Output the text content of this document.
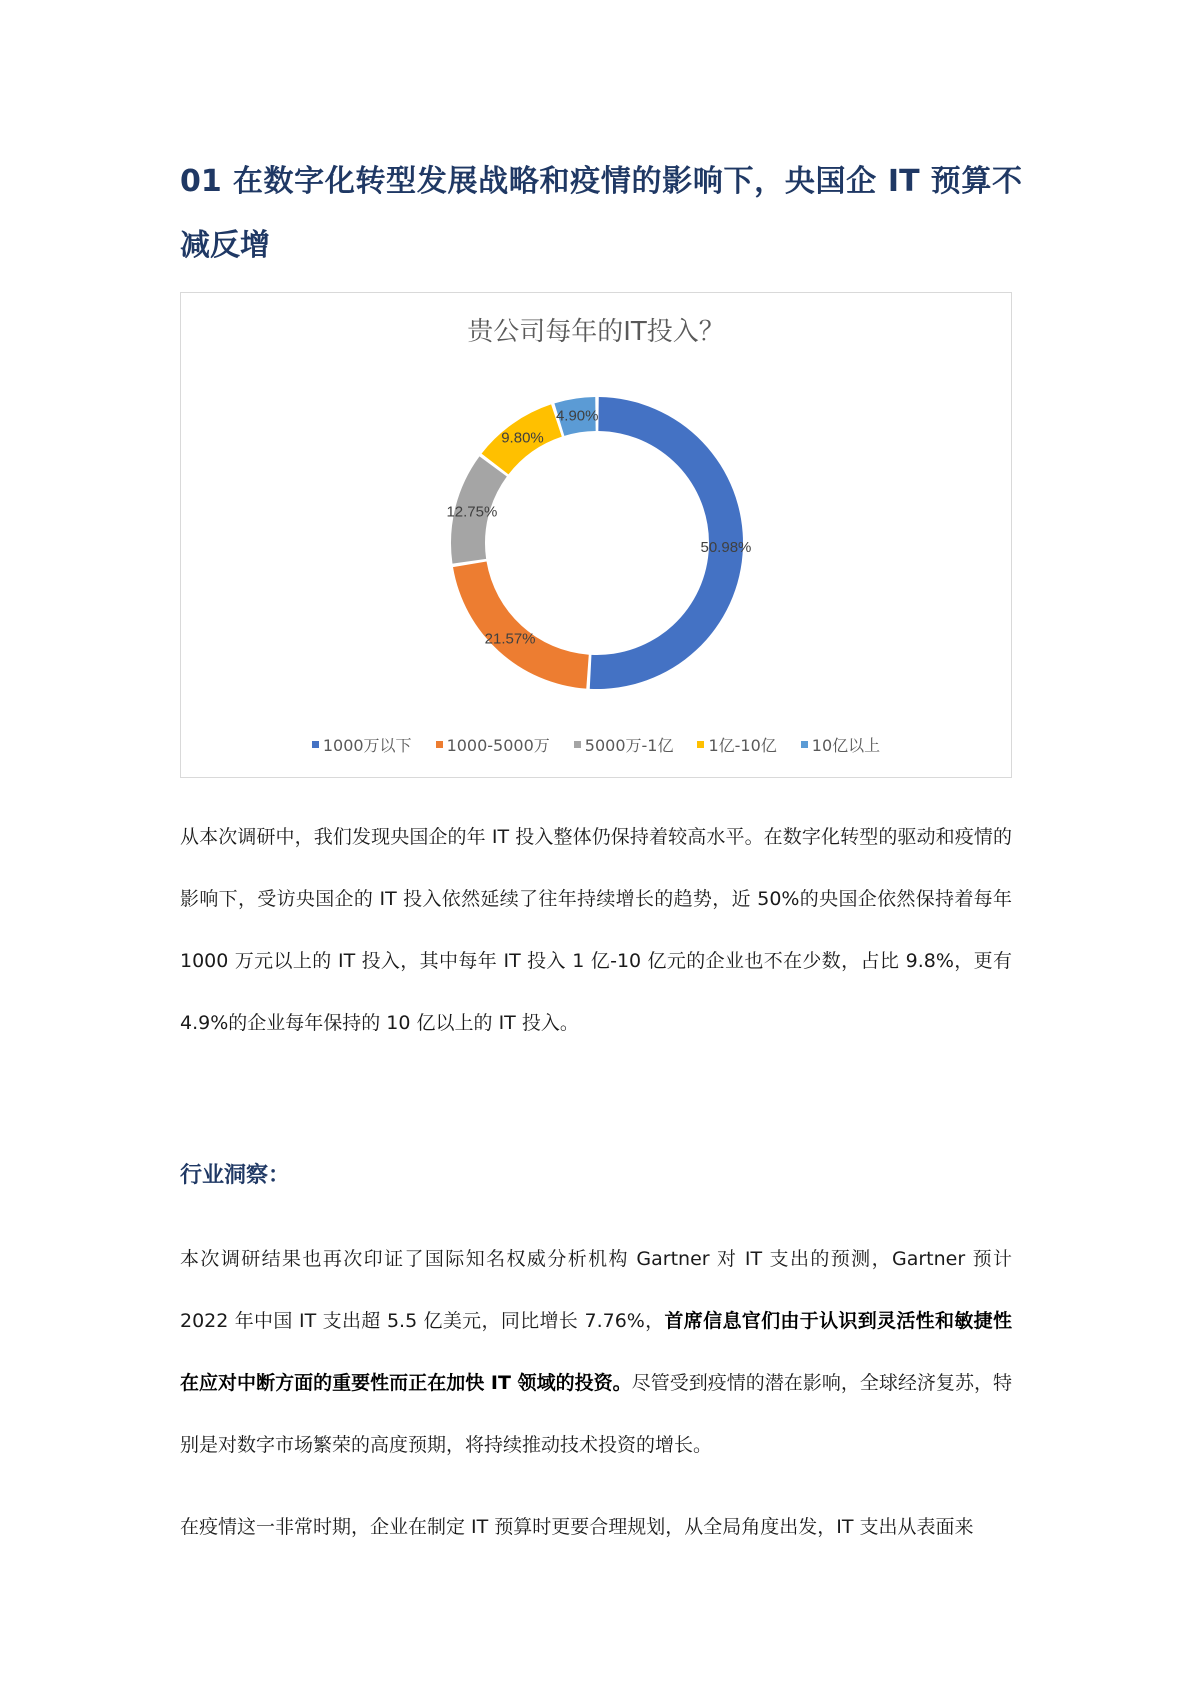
01 在数字化转型发展战略和疫情的影响下，央国企 IT 预算不减反增

贵公司每年的IT投入？

50.98%
21.57%
12.75%
9.80%
4.90%
1000万以下 1000-5000万 5000万-1亿 1亿-10亿 10亿以上

从本次调研中，我们发现央国企的年 IT 投入整体仍保持着较高水平。在数字化转型的驱动和疫情的影响下，受访央国企的 IT 投入依然延续了往年持续增长的趋势，近 50%的央国企依然保持着每年 1000 万元以上的 IT 投入，其中每年 IT 投入 1 亿-10 亿元的企业也不在少数，占比 9.8%，更有 4.9%的企业每年保持的 10 亿以上的 IT 投入。

行业洞察：

本次调研结果也再次印证了国际知名权威分析机构 Gartner 对 IT 支出的预测，Gartner 预计 2022 年中国 IT 支出超 5.5 亿美元，同比增长 7.76%，首席信息官们由于认识到灵活性和敏捷性在应对中断方面的重要性而正在加快 IT 领域的投资。尽管受到疫情的潜在影响，全球经济复苏，特别是对数字市场繁荣的高度预期，将持续推动技术投资的增长。

在疫情这一非常时期，企业在制定 IT 预算时更要合理规划，从全局角度出发，IT 支出从表面来
